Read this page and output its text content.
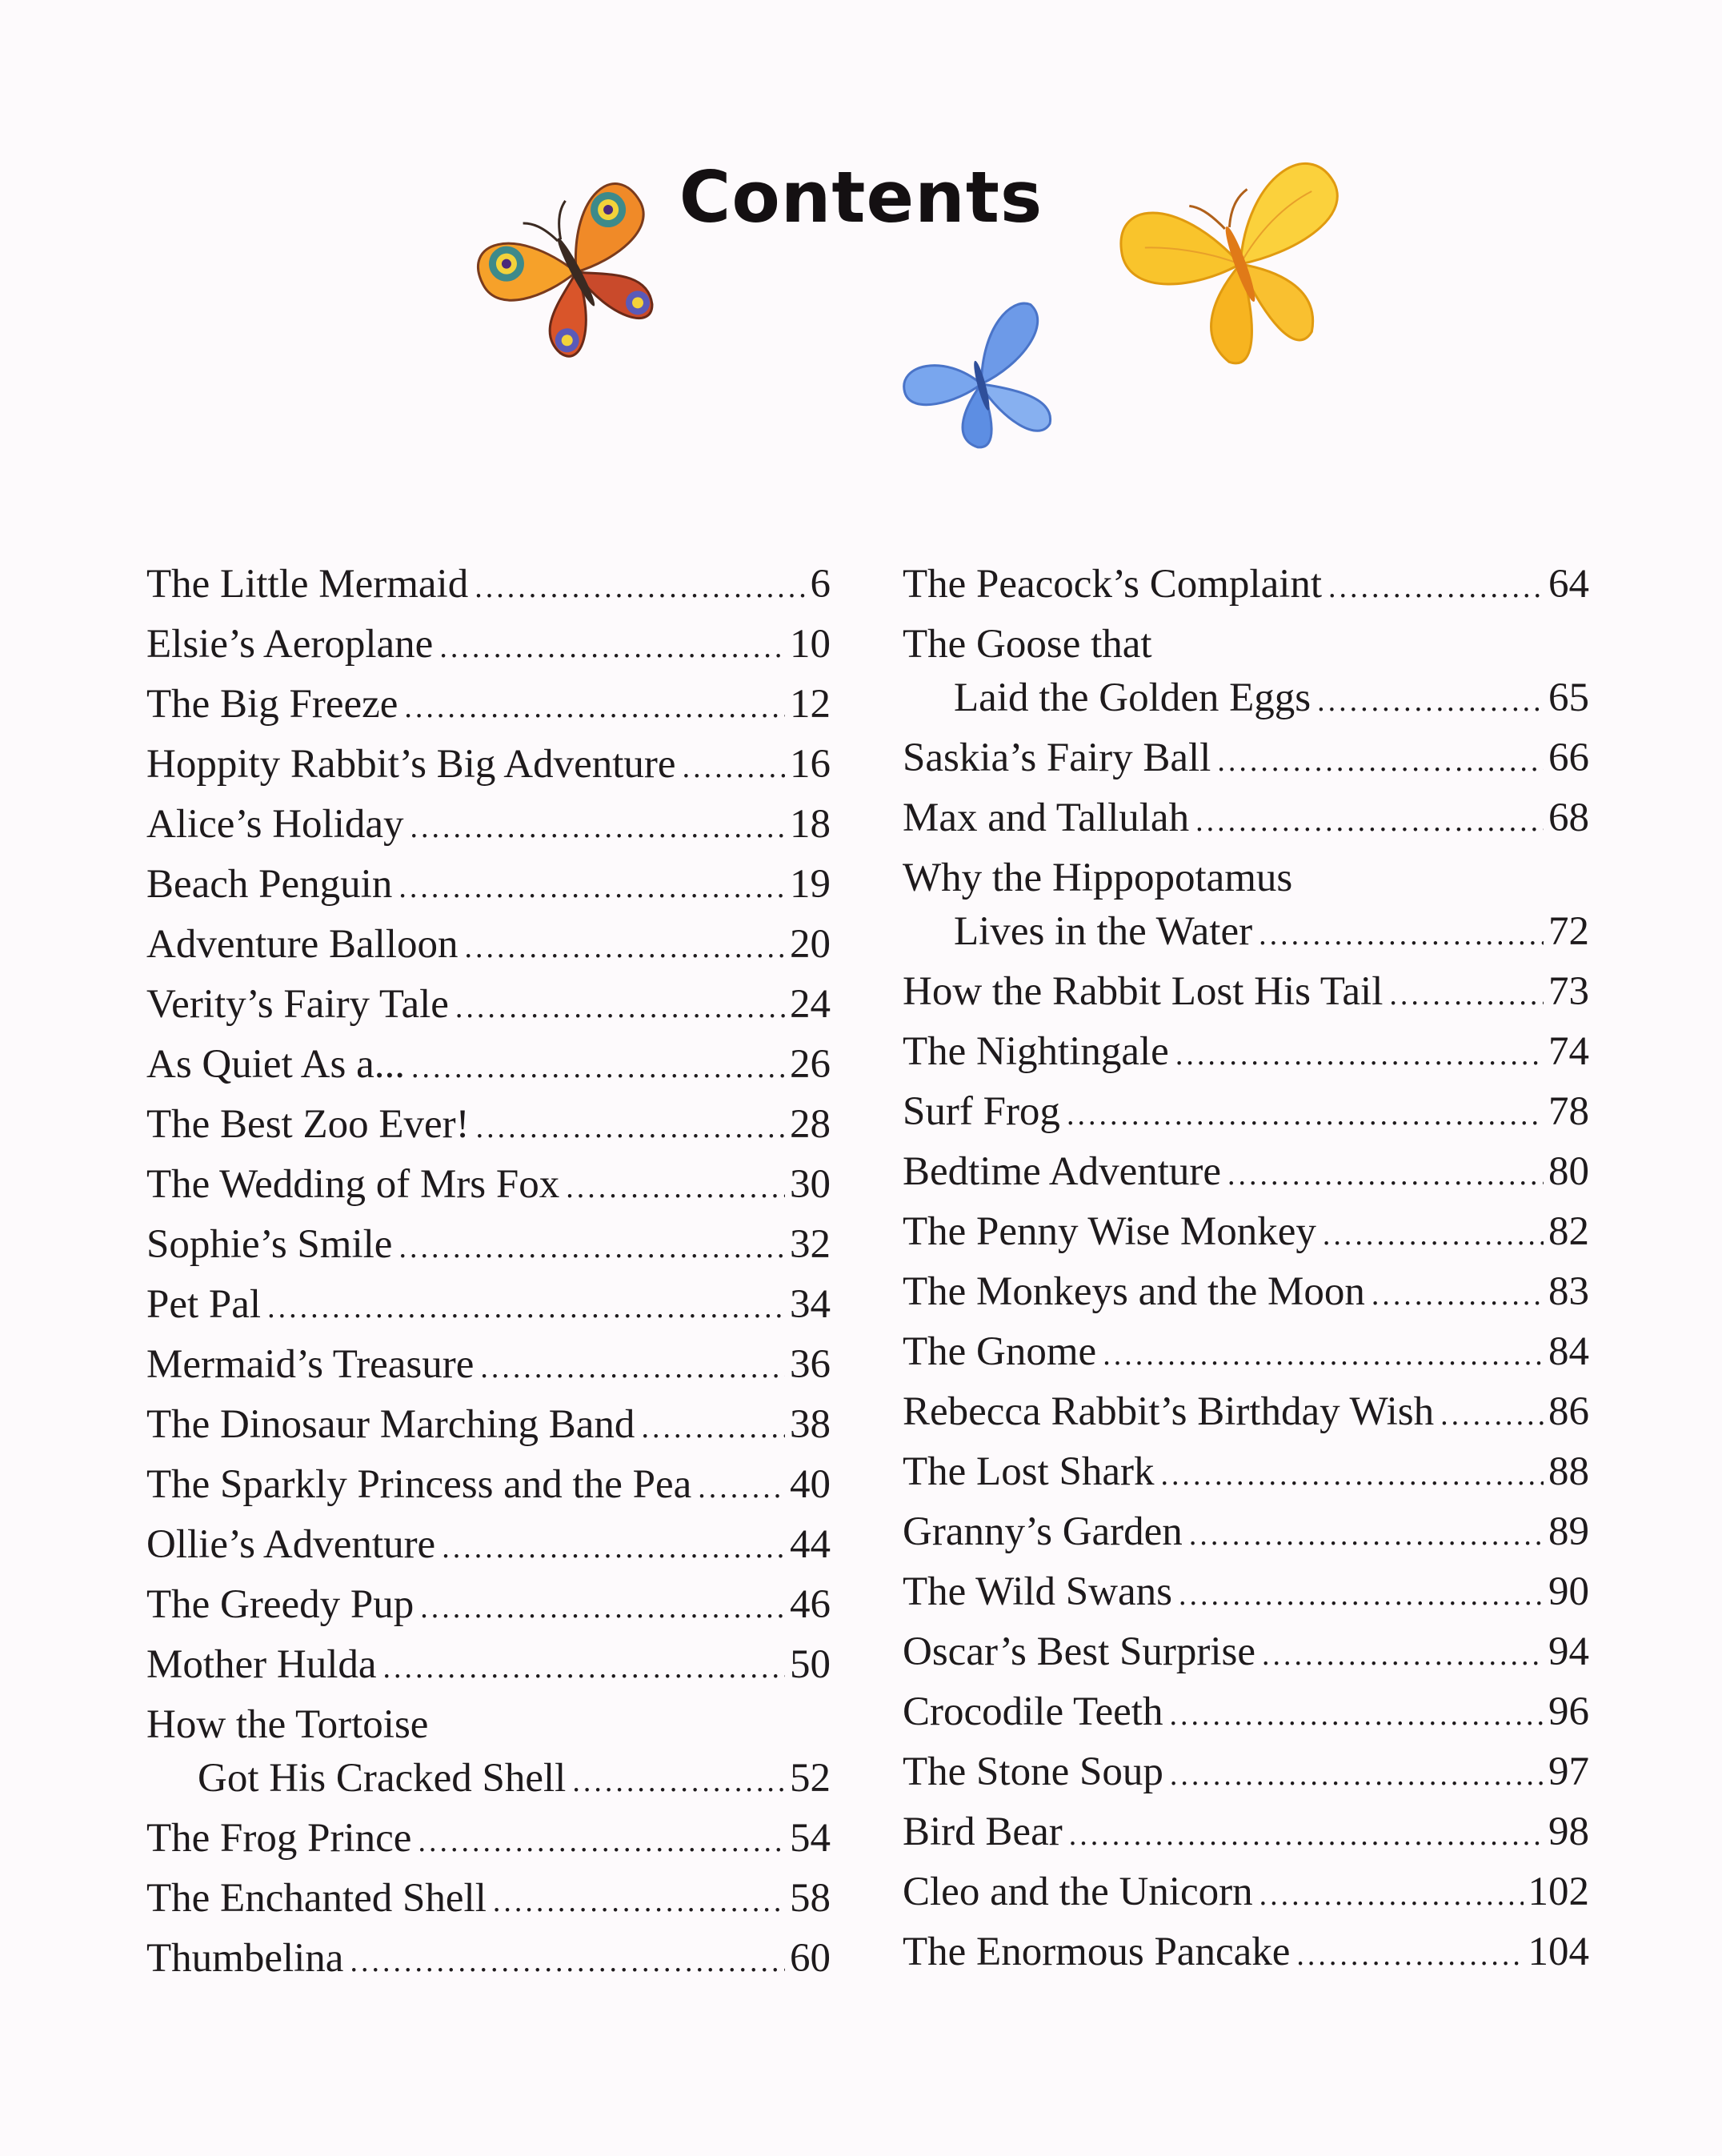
Contents
The Little Mermaid .....	6
Elsie’s Aeroplane .....	10
The Big Freeze .....	12
Hoppity Rabbit’s Big Adventure .....	16
Alice’s Holiday .....	18
Beach Penguin .....	19
Adventure Balloon .....	20
Verity’s Fairy Tale .....	24
As Quiet As a... .....	26
The Best Zoo Ever! .....	28
The Wedding of Mrs Fox .....	30
Sophie’s Smile .....	32
Pet Pal .....	34
Mermaid’s Treasure .....	36
The Dinosaur Marching Band .....	38
The Sparkly Princess and the Pea ..... 40
Ollie’s Adventure .....	44
The Greedy Pup .....	46
Mother Hulda .....	50
How the Tortoise
Got His Cracked Shell .....	52
The Frog Prince .....	54
The Enchanted Shell .....	58
Thumbelina .....	60
The Peacock’s Complaint .....	64
The Goose that
Laid the Golden Eggs .....	65
Saskia’s Fairy Ball .....	66
Max and Tallulah .....	68
Why the Hippopotamus
Lives in the Water .....	72
How the Rabbit Lost His Tail .....	73
The Nightingale .....	74
Surf Frog .....	78
Bedtime Adventure .....	80
The Penny Wise Monkey .....	82
The Monkeys and the Moon .....	83
The Gnome .....	84
Rebecca Rabbit’s Birthday Wish .....	86
The Lost Shark .....	88
Granny’s Garden .....	89
The Wild Swans .....	90
Oscar’s Best Surprise .....	94
Crocodile Teeth .....	96
The Stone Soup .....	97
Bird Bear .....	98
Cleo and the Unicorn .....	102
The Enormous Pancake .....	104
